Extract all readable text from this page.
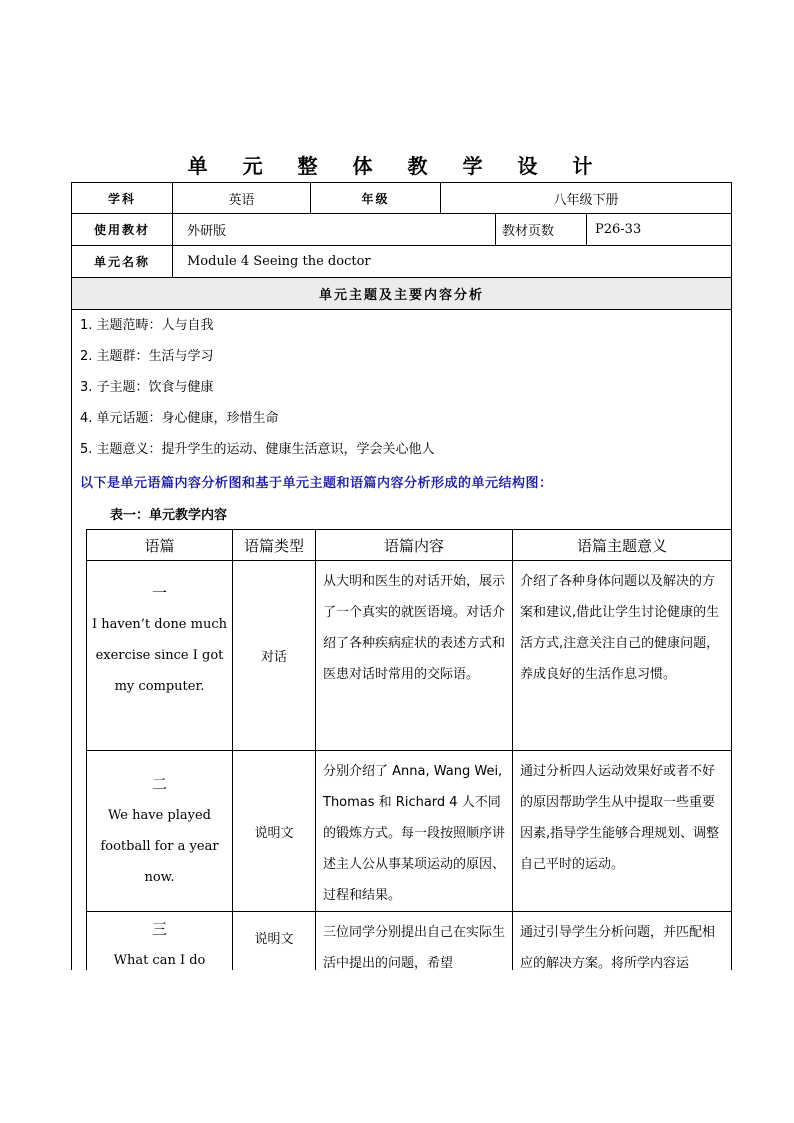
单 元 整 体 教 学 设 计
学科	英语	年级	八年级下册		
使用教材	外研版			教材页数	P26-33
单元名称	Module 4 Seeing the doctor				
单元主题及主要内容分析					
1. 主题范畴：人与自我
2. 主题群：生活与学习
3. 子主题：饮食与健康
4. 单元话题：身心健康，珍惜生命
5. 主题意义：提升学生的运动、健康生活意识，学会关心他人
以下是单元语篇内容分析图和基于单元主题和语篇内容分析形成的单元结构图：
表一：单元教学内容
语篇	语篇类型	语篇内容	语篇主题意义

一
I haven’t done much
exercise since I got
my computer.	对话	从大明和医生的对话开始，展示了一个真实的就医语境。对话介绍了各种疾病症状的表述方式和医患对话时常用的交际语。	介绍了各种身体问题以及解决的方案和建议,借此让学生讨论健康的生活方式,注意关注自己的健康问题，养成良好的生活作息习惯。

二
We have played
football for a year
now.	说明文	分别介绍了 Anna, Wang Wei, Thomas 和 Richard 4 人不同的锻炼方式。每一段按照顺序讲述主人公从事某项运动的原因、过程和结果。	通过分析四人运动效果好或者不好的原因帮助学生从中提取一些重要因素,指导学生能够合理规划、调整自己平时的运动。

三
What can I do	说明文	三位同学分别提出自己在实际生活中提出的问题，希望	通过引导学生分析问题，并匹配相应的解决方案。将所学内容运
